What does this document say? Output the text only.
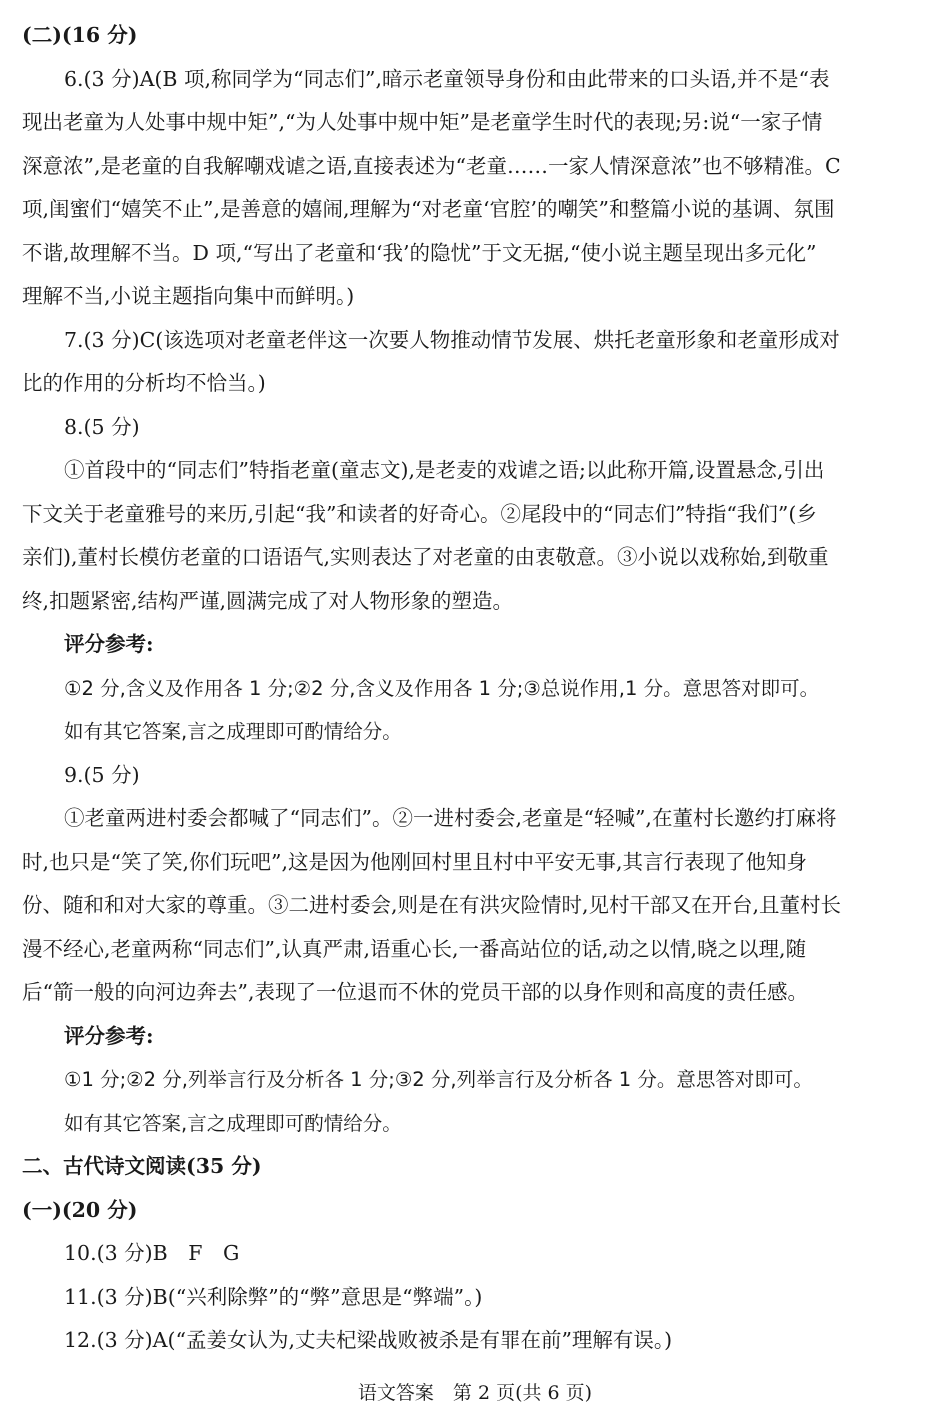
(二)(16 分)
6.(3 分)A(B 项,称同学为“同志们”,暗示老童领导身份和由此带来的口头语,并不是“表
现出老童为人处事中规中矩”,“为人处事中规中矩”是老童学生时代的表现;另:说“一家子情
深意浓”,是老童的自我解嘲戏谑之语,直接表述为“老童……一家人情深意浓”也不够精准。C
项,闺蜜们“嬉笑不止”,是善意的嬉闹,理解为“对老童‘官腔’的嘲笑”和整篇小说的基调、氛围
不谐,故理解不当。D 项,“写出了老童和‘我’的隐忧”于文无据,“使小说主题呈现出多元化”
理解不当,小说主题指向集中而鲜明。)
7.(3 分)C(该选项对老童老伴这一次要人物推动情节发展、烘托老童形象和老童形成对
比的作用的分析均不恰当。)
8.(5 分)
①首段中的“同志们”特指老童(童志文),是老麦的戏谑之语;以此称开篇,设置悬念,引出
下文关于老童雅号的来历,引起“我”和读者的好奇心。②尾段中的“同志们”特指“我们”(乡
亲们),董村长模仿老童的口语语气,实则表达了对老童的由衷敬意。③小说以戏称始,到敬重
终,扣题紧密,结构严谨,圆满完成了对人物形象的塑造。
评分参考:
①2 分,含义及作用各 1 分;②2 分,含义及作用各 1 分;③总说作用,1 分。意思答对即可。
如有其它答案,言之成理即可酌情给分。
9.(5 分)
①老童两进村委会都喊了“同志们”。②一进村委会,老童是“轻喊”,在董村长邀约打麻将
时,也只是“笑了笑,你们玩吧”,这是因为他刚回村里且村中平安无事,其言行表现了他知身
份、随和和对大家的尊重。③二进村委会,则是在有洪灾险情时,见村干部又在开台,且董村长
漫不经心,老童两称“同志们”,认真严肃,语重心长,一番高站位的话,动之以情,晓之以理,随
后“箭一般的向河边奔去”,表现了一位退而不休的党员干部的以身作则和高度的责任感。
评分参考:
①1 分;②2 分,列举言行及分析各 1 分;③2 分,列举言行及分析各 1 分。意思答对即可。
如有其它答案,言之成理即可酌情给分。
二、古代诗文阅读(35 分)
(一)(20 分)
10.(3 分)B　F　G
11.(3 分)B(“兴利除弊”的“弊”意思是“弊端”。)
12.(3 分)A(“孟姜女认为,丈夫杞梁战败被杀是有罪在前”理解有误。)
语文答案　第 2 页(共 6 页)
